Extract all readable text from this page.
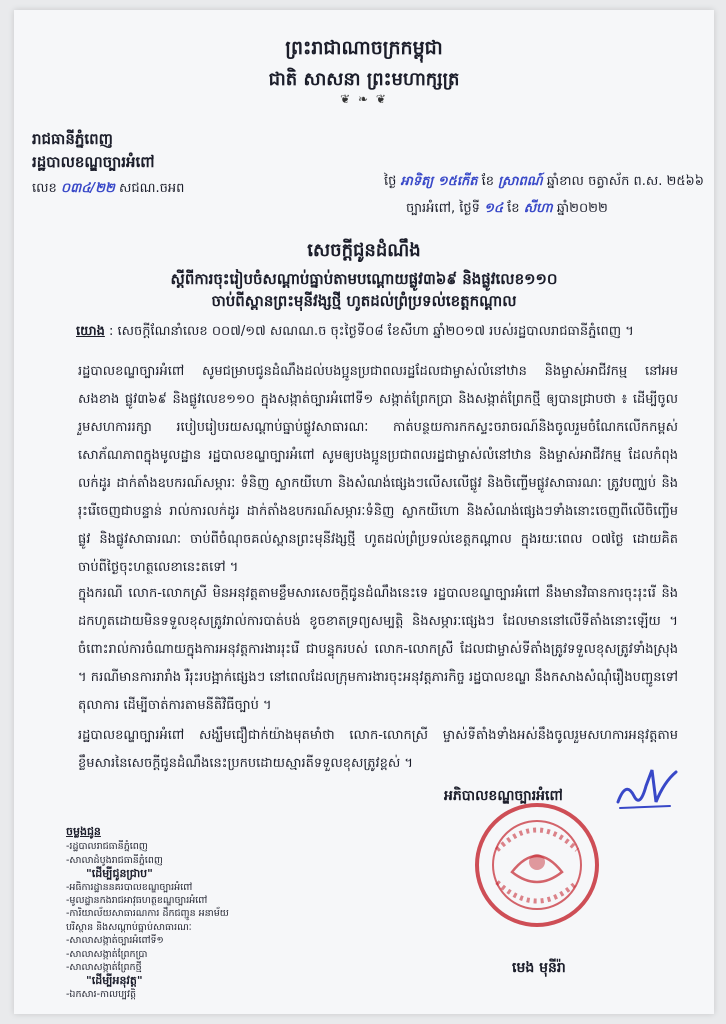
ព្រះរាជាណាចក្រកម្ពុជា
ជាតិ សាសនា ព្រះមហាក្សត្រ
❦ ❧ ❦
រាជធានីភ្នំពេញ
រដ្ឋបាលខណ្ឌច្បារអំពៅ
លេខ ០៣៤/២២ សជណ.ចអព	ថ្ងៃ អាទិត្យ ១៥កើត ខែ ស្រាពណ៍ ឆ្នាំខាល ចត្វាស័ក ព.ស. ២៥៦៦
ច្បារអំពៅ, ថ្ងៃទី ១៤ ខែ សីហា ឆ្នាំ២០២២
សេចក្តីជូនដំណឹង
ស្តីពីការចុះរៀបចំសណ្តាប់ធ្នាប់តាមបណ្តោយផ្លូវ៣៦៩ និងផ្លូវលេខ១១០
ចាប់ពីស្ពានព្រះមុនីវង្សថ្មី ហូតដល់ព្រំប្រទល់ខេត្តកណ្តាល
យោង : សេចក្តីណែនាំលេខ ០០៧/១៧ សណណ.ច ចុះថ្ងៃទី០៨ ខែសីហា ឆ្នាំ២០១៧ របស់រដ្ឋបាលរាជធានីភ្នំពេញ ។
រដ្ឋបាលខណ្ឌច្បារអំពៅ សូមជម្រាបជូនដំណឹងដល់បងប្អូនប្រជាពលរដ្ឋដែលជាម្ចាស់លំនៅឋាន និងម្ចាស់អាជីវកម្ម នៅអមសងខាង ផ្លូវ៣៦៩ និងផ្លូវលេខ១១០ ក្នុងសង្កាត់ច្បារអំពៅទី១ សង្កាត់ព្រែកប្រា និងសង្កាត់ព្រែកថ្មី ឲ្យបានជ្រាបថា ៖ ដើម្បីចូលរួមសហការរក្សា របៀបរៀបរយសណ្តាប់ធ្នាប់ផ្លូវសាធារណៈ កាត់បន្ថយការកកស្ទះចរាចរណ៍និងចូលរួមចំណែកលើកកម្ពស់សោភ័ណភាពក្នុងមូលដ្ឋាន រដ្ឋបាលខណ្ឌច្បារអំពៅ សូមឲ្យបងប្អូនប្រជាពលរដ្ឋជាម្ចាស់លំនៅឋាន និងម្ចាស់អាជីវកម្ម ដែលកំពុងលក់ដូរ ដាក់តាំងឧបករណ៍សម្ភារៈ ទំនិញ ស្លាកយីហោ និងសំណង់ផ្សេងៗលើសលើផ្លូវ និងចិញ្ចើមផ្លូវសាធារណៈ ត្រូវបញ្ឈប់ និងរុះរើចេញជាបន្ទាន់ រាល់ការលក់ដូរ ដាក់តាំងឧបករណ៍សម្ភារៈទំនិញ ស្លាកយីហោ និងសំណង់ផ្សេងៗទាំងនោះចេញពីលើចិញ្ចើមផ្លូវ និងផ្លូវសាធារណៈ ចាប់ពីចំណុចគល់ស្ពានព្រះមុនីវង្សថ្មី ហូតដល់ព្រំប្រទល់ខេត្តកណ្តាល ក្នុងរយៈពេល ០៧ថ្ងៃ ដោយគិតចាប់ពីថ្ងៃចុះហត្ថលេខានេះតទៅ ។
ក្នុងករណី លោក-លោកស្រី មិនអនុវត្តតាមខ្លឹមសារសេចក្តីជូនដំណឹងនេះទេ រដ្ឋបាលខណ្ឌច្បារអំពៅ នឹងមានវិធានការចុះរុះរើ និងដកហូតដោយមិនទទួលខុសត្រូវរាល់ការបាត់បង់ ខូចខាតទ្រព្យសម្បត្តិ និងសម្ភារៈផ្សេងៗ ដែលមាននៅលើទីតាំងនោះឡើយ ។ ចំពោះរាល់ការចំណាយក្នុងការអនុវត្តការងាររុះរើ ជាបន្ទុករបស់ លោក-លោកស្រី ដែលជាម្ចាស់ទីតាំងត្រូវទទួលខុសត្រូវទាំងស្រុង ។ ករណីមានការរារាំង រឺរុះរបង្អាក់ផ្សេងៗ នៅពេលដែលក្រុមការងារចុះអនុវត្តភារកិច្ច រដ្ឋបាលខណ្ឌ នឹងកសាងសំណុំរឿងបញ្ជូនទៅតុលាការ ដើម្បីចាត់ការតាមនីតិវិធីច្បាប់ ។
រដ្ឋបាលខណ្ឌច្បារអំពៅ សង្ឃឹមជឿជាក់យ៉ាងមុតមាំថា លោក-លោកស្រី ម្ចាស់ទីតាំងទាំងអស់នឹងចូលរួមសហការអនុវត្តតាមខ្លឹមសារនៃសេចក្តីជូនដំណឹងនេះប្រកបដោយស្មារតីទទួលខុសត្រូវខ្ពស់ ។
អភិបាលខណ្ឌច្បារអំពៅ
មេង មុនីរ៉ា
ចម្លងជូន
-រដ្ឋបាលរាជធានីភ្នំពេញ
-សាលាដំបូងរាជធានីភ្នំពេញ
"ដើម្បីជូនជ្រាប"
-អធិការដ្ឋាននគរបាលខណ្ឌច្បារអំពៅ
-មូលដ្ឋានកងរាជអាវុធហត្ថខណ្ឌច្បារអំពៅ
-ការិយាល័យសាធារណការ ដឹកជញ្ជូន អនាម័យ
បរិស្ថាន និងសណ្តាប់ធ្នាប់សាធារណៈ
-សាលាសង្កាត់ច្បារអំពៅទី១
-សាលាសង្កាត់ព្រែកប្រា
-សាលាសង្កាត់ព្រែកថ្មី
"ដើម្បីអនុវត្ត"
-ឯកសារ-កាលប្បវត្តិ
